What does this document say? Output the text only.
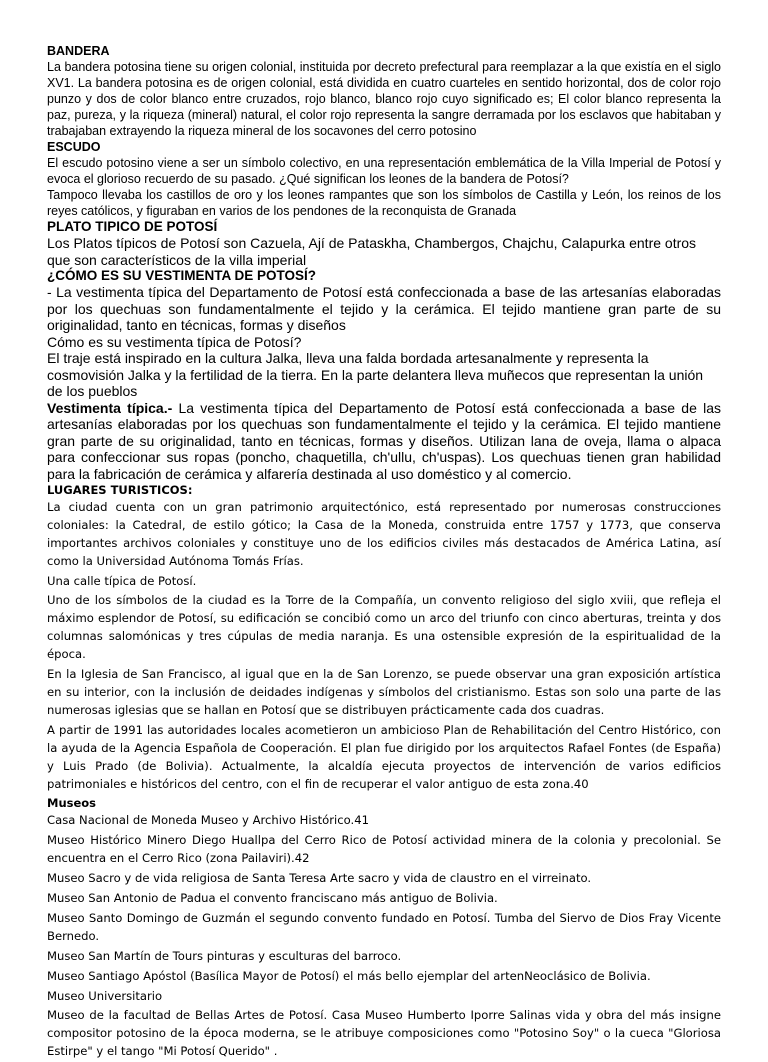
BANDERA

La bandera potosina tiene su origen colonial, instituida por decreto prefectural para reemplazar a la que existía en el siglo XV1. La bandera potosina es de origen colonial, está dividida en cuatro cuarteles en sentido horizontal, dos de color rojo punzo y dos de color blanco entre cruzados, rojo blanco, blanco rojo cuyo significado es; El color blanco representa la paz, pureza, y la riqueza (mineral) natural, el color rojo representa la sangre derramada por los esclavos que habitaban y trabajaban extrayendo la riqueza mineral de los socavones del cerro potosino

ESCUDO

El escudo potosino viene a ser un símbolo colectivo, en una representación emblemática de la Villa Imperial de Potosí y evoca el glorioso recuerdo de su pasado. ¿Qué significan los leones de la bandera de Potosí?

Tampoco llevaba los castillos de oro y los leones rampantes que son los símbolos de Castilla y León, los reinos de los reyes católicos, y figuraban en varios de los pendones de la reconquista de Granada

PLATO TIPICO DE POTOSÍ

Los Platos típicos de Potosí son Cazuela, Ají de Pataskha, Chambergos, Chajchu, Calapurka entre otros que son característicos de la villa imperial

¿CÓMO ES SU VESTIMENTA DE POTOSÍ?

- La vestimenta típica del Departamento de Potosí está confeccionada a base de las artesanías elaboradas por los quechuas son fundamentalmente el tejido y la cerámica. El tejido mantiene gran parte de su originalidad, tanto en técnicas, formas y diseños

Cómo es su vestimenta típica de Potosí?

El traje está inspirado en la cultura Jalka, lleva una falda bordada artesanalmente y representa la cosmovisión Jalka y la fertilidad de la tierra. En la parte delantera lleva muñecos que representan la unión de los pueblos

Vestimenta típica.- La vestimenta típica del Departamento de Potosí está confeccionada a base de las artesanías elaboradas por los quechuas son fundamentalmente el tejido y la cerámica. El tejido mantiene gran parte de su originalidad, tanto en técnicas, formas y diseños. Utilizan lana de oveja, llama o alpaca para confeccionar sus ropas (poncho, chaquetilla, ch'ullu, ch'uspas). Los quechuas tienen gran habilidad para la fabricación de cerámica y alfarería destinada al uso doméstico y al comercio.

LUGARES TURISTICOS:

La ciudad cuenta con un gran patrimonio arquitectónico, está representado por numerosas construcciones coloniales: la Catedral, de estilo gótico; la Casa de la Moneda, construida entre 1757 y 1773, que conserva importantes archivos coloniales y constituye uno de los edificios civiles más destacados de América Latina, así como la Universidad Autónoma Tomás Frías.

Una calle típica de Potosí.

Uno de los símbolos de la ciudad es la Torre de la Compañía, un convento religioso del siglo xviii, que refleja el máximo esplendor de Potosí, su edificación se concibió como un arco del triunfo con cinco aberturas, treinta y dos columnas salomónicas y tres cúpulas de media naranja. Es una ostensible expresión de la espiritualidad de la época.

En la Iglesia de San Francisco, al igual que en la de San Lorenzo, se puede observar una gran exposición artística en su interior, con la inclusión de deidades indígenas y símbolos del cristianismo. Estas son solo una parte de las numerosas iglesias que se hallan en Potosí que se distribuyen prácticamente cada dos cuadras.

A partir de 1991 las autoridades locales acometieron un ambicioso Plan de Rehabilitación del Centro Histórico, con la ayuda de la Agencia Española de Cooperación. El plan fue dirigido por los arquitectos Rafael Fontes (de España) y Luis Prado (de Bolivia). Actualmente, la alcaldía ejecuta proyectos de intervención de varios edificios patrimoniales e históricos del centro, con el fin de recuperar el valor antiguo de esta zona.40

Museos

Casa Nacional de Moneda Museo y Archivo Histórico.41

Museo Histórico Minero Diego Huallpa del Cerro Rico de Potosí actividad minera de la colonia y precolonial. Se encuentra en el Cerro Rico (zona Pailaviri).42

Museo Sacro y de vida religiosa de Santa Teresa Arte sacro y vida de claustro en el virreinato.

Museo San Antonio de Padua el convento franciscano más antiguo de Bolivia.

Museo Santo Domingo de Guzmán el segundo convento fundado en Potosí. Tumba del Siervo de Dios Fray Vicente Bernedo.

Museo San Martín de Tours pinturas y esculturas del barroco.

Museo Santiago Apóstol (Basílica Mayor de Potosí) el más bello ejemplar del artenNeoclásico de Bolivia.

Museo Universitario

Museo de la facultad de Bellas Artes de Potosí. Casa Museo Humberto Iporre Salinas vida y obra del más insigne compositor potosino de la época moderna, se le atribuye composiciones como "Potosino Soy" o la cueca "Gloriosa Estirpe" y el tango "Mi Potosí Querido" .
